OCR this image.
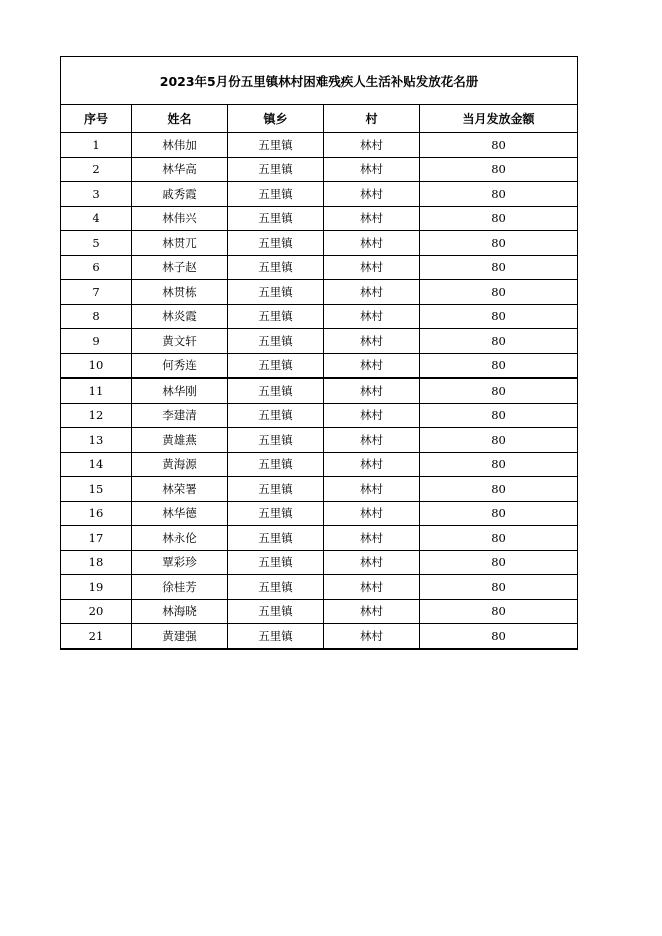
2023年5月份五里镇林村困难残疾人生活补贴发放花名册				
序号	姓名	镇乡	村	当月发放金额
1	林伟加	五里镇	林村	80
2	林华高	五里镇	林村	80
3	戚秀霞	五里镇	林村	80
4	林伟兴	五里镇	林村	80
5	林贯兀	五里镇	林村	80
6	林子赵	五里镇	林村	80
7	林贯栋	五里镇	林村	80
8	林炎霞	五里镇	林村	80
9	黄文轩	五里镇	林村	80
10	何秀连	五里镇	林村	80
11	林华刚	五里镇	林村	80
12	李建清	五里镇	林村	80
13	黄雄燕	五里镇	林村	80
14	黄海源	五里镇	林村	80
15	林荣署	五里镇	林村	80
16	林华德	五里镇	林村	80
17	林永伦	五里镇	林村	80
18	覃彩珍	五里镇	林村	80
19	徐桂芳	五里镇	林村	80
20	林海晓	五里镇	林村	80
21	黄建强	五里镇	林村	80
